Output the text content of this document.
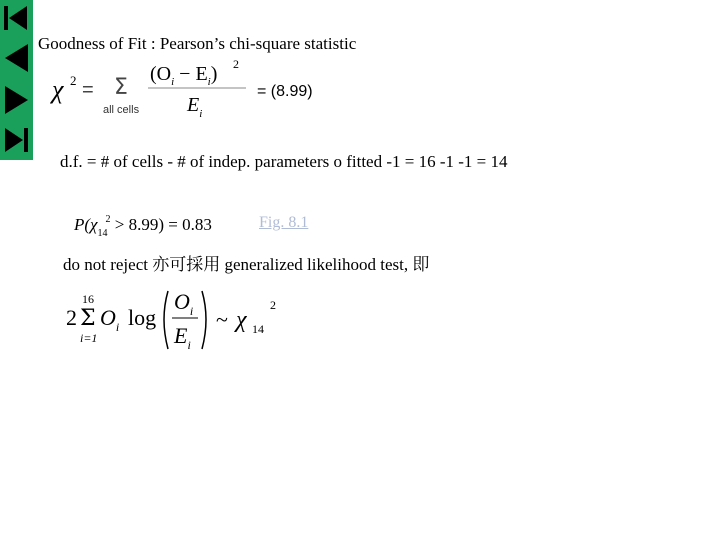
Goodness of Fit : Pearson’s chi-square statistic
χ 2 = Σ
all cells
$(O_i - E_i)$ 2
$E_i$
= (8.99)
d.f. = # of cells - # of indep. parameters o fitted -1 = 16 -1 -1 = 14
$P(\chi_{14}2 > 8.99) = 0.83$	Fig. 8.1
do not reject 亦可採用 generalized likelihood test, 即
2 Σ
16
i=1
$O_i$ log
$O_i$
$E_i$
~ χ 14
2
